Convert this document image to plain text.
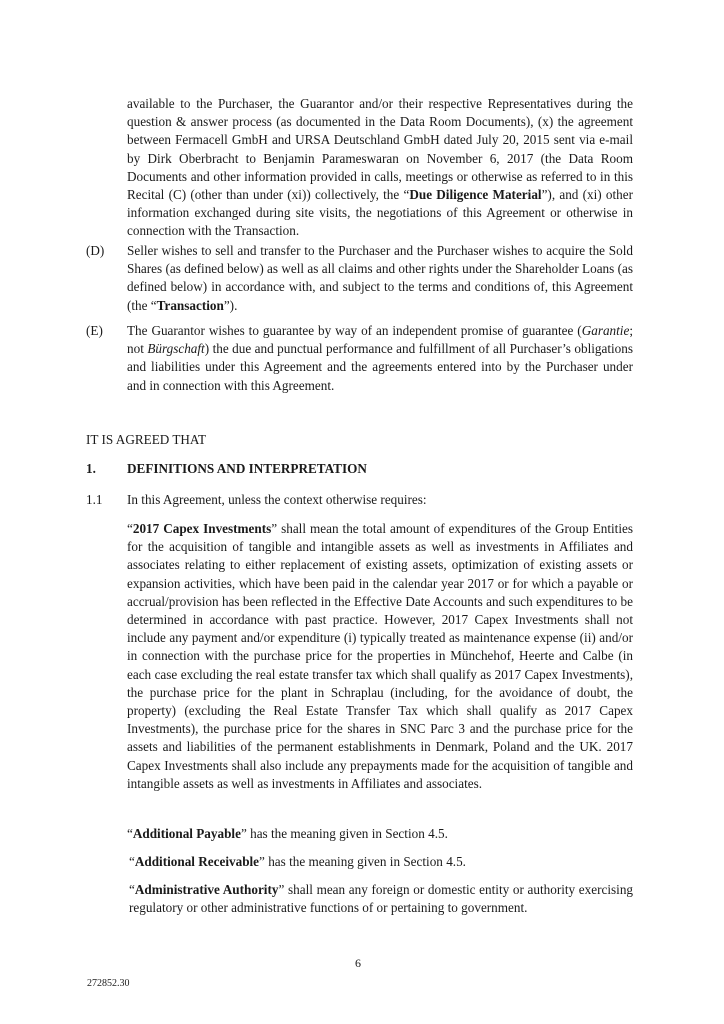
available to the Purchaser, the Guarantor and/or their respective Representatives during the question & answer process (as documented in the Data Room Documents), (x) the agreement between Fermacell GmbH and URSA Deutschland GmbH dated July 20, 2015 sent via e-mail by Dirk Oberbracht to Benjamin Parameswaran on November 6, 2017 (the Data Room Documents and other information provided in calls, meetings or otherwise as referred to in this Recital (C) (other than under (xi)) collectively, the “Due Diligence Material”), and (xi) other information exchanged during site visits, the negotiations of this Agreement or otherwise in connection with the Transaction.

(D) Seller wishes to sell and transfer to the Purchaser and the Purchaser wishes to acquire the Sold Shares (as defined below) as well as all claims and other rights under the Shareholder Loans (as defined below) in accordance with, and subject to the terms and conditions of, this Agreement (the “Transaction”).

(E) The Guarantor wishes to guarantee by way of an independent promise of guarantee (Garantie; not Bürgschaft) the due and punctual performance and fulfillment of all Purchaser’s obligations and liabilities under this Agreement and the agreements entered into by the Purchaser under and in connection with this Agreement.

IT IS AGREED THAT
1. DEFINITIONS AND INTERPRETATION
1.1 In this Agreement, unless the context otherwise requires:

“2017 Capex Investments” shall mean the total amount of expenditures of the Group Entities for the acquisition of tangible and intangible assets as well as investments in Affiliates and associates relating to either replacement of existing assets, optimization of existing assets or expansion activities, which have been paid in the calendar year 2017 or for which a payable or accrual/provision has been reflected in the Effective Date Accounts and such expenditures to be determined in accordance with past practice. However, 2017 Capex Investments shall not include any payment and/or expenditure (i) typically treated as maintenance expense (ii) and/or in connection with the purchase price for the properties in Münchehof, Heerte and Calbe (in each case excluding the real estate transfer tax which shall qualify as 2017 Capex Investments), the purchase price for the plant in Schraplau (including, for the avoidance of doubt, the property) (excluding the Real Estate Transfer Tax which shall qualify as 2017 Capex Investments), the purchase price for the shares in SNC Parc 3 and the purchase price for the assets and liabilities of the permanent establishments in Denmark, Poland and the UK. 2017 Capex Investments shall also include any prepayments made for the acquisition of tangible and intangible assets as well as investments in Affiliates and associates.

“Additional Payable” has the meaning given in Section 4.5.

“Additional Receivable” has the meaning given in Section 4.5.

“Administrative Authority” shall mean any foreign or domestic entity or authority exercising regulatory or other administrative functions of or pertaining to government.

6
272852.30
